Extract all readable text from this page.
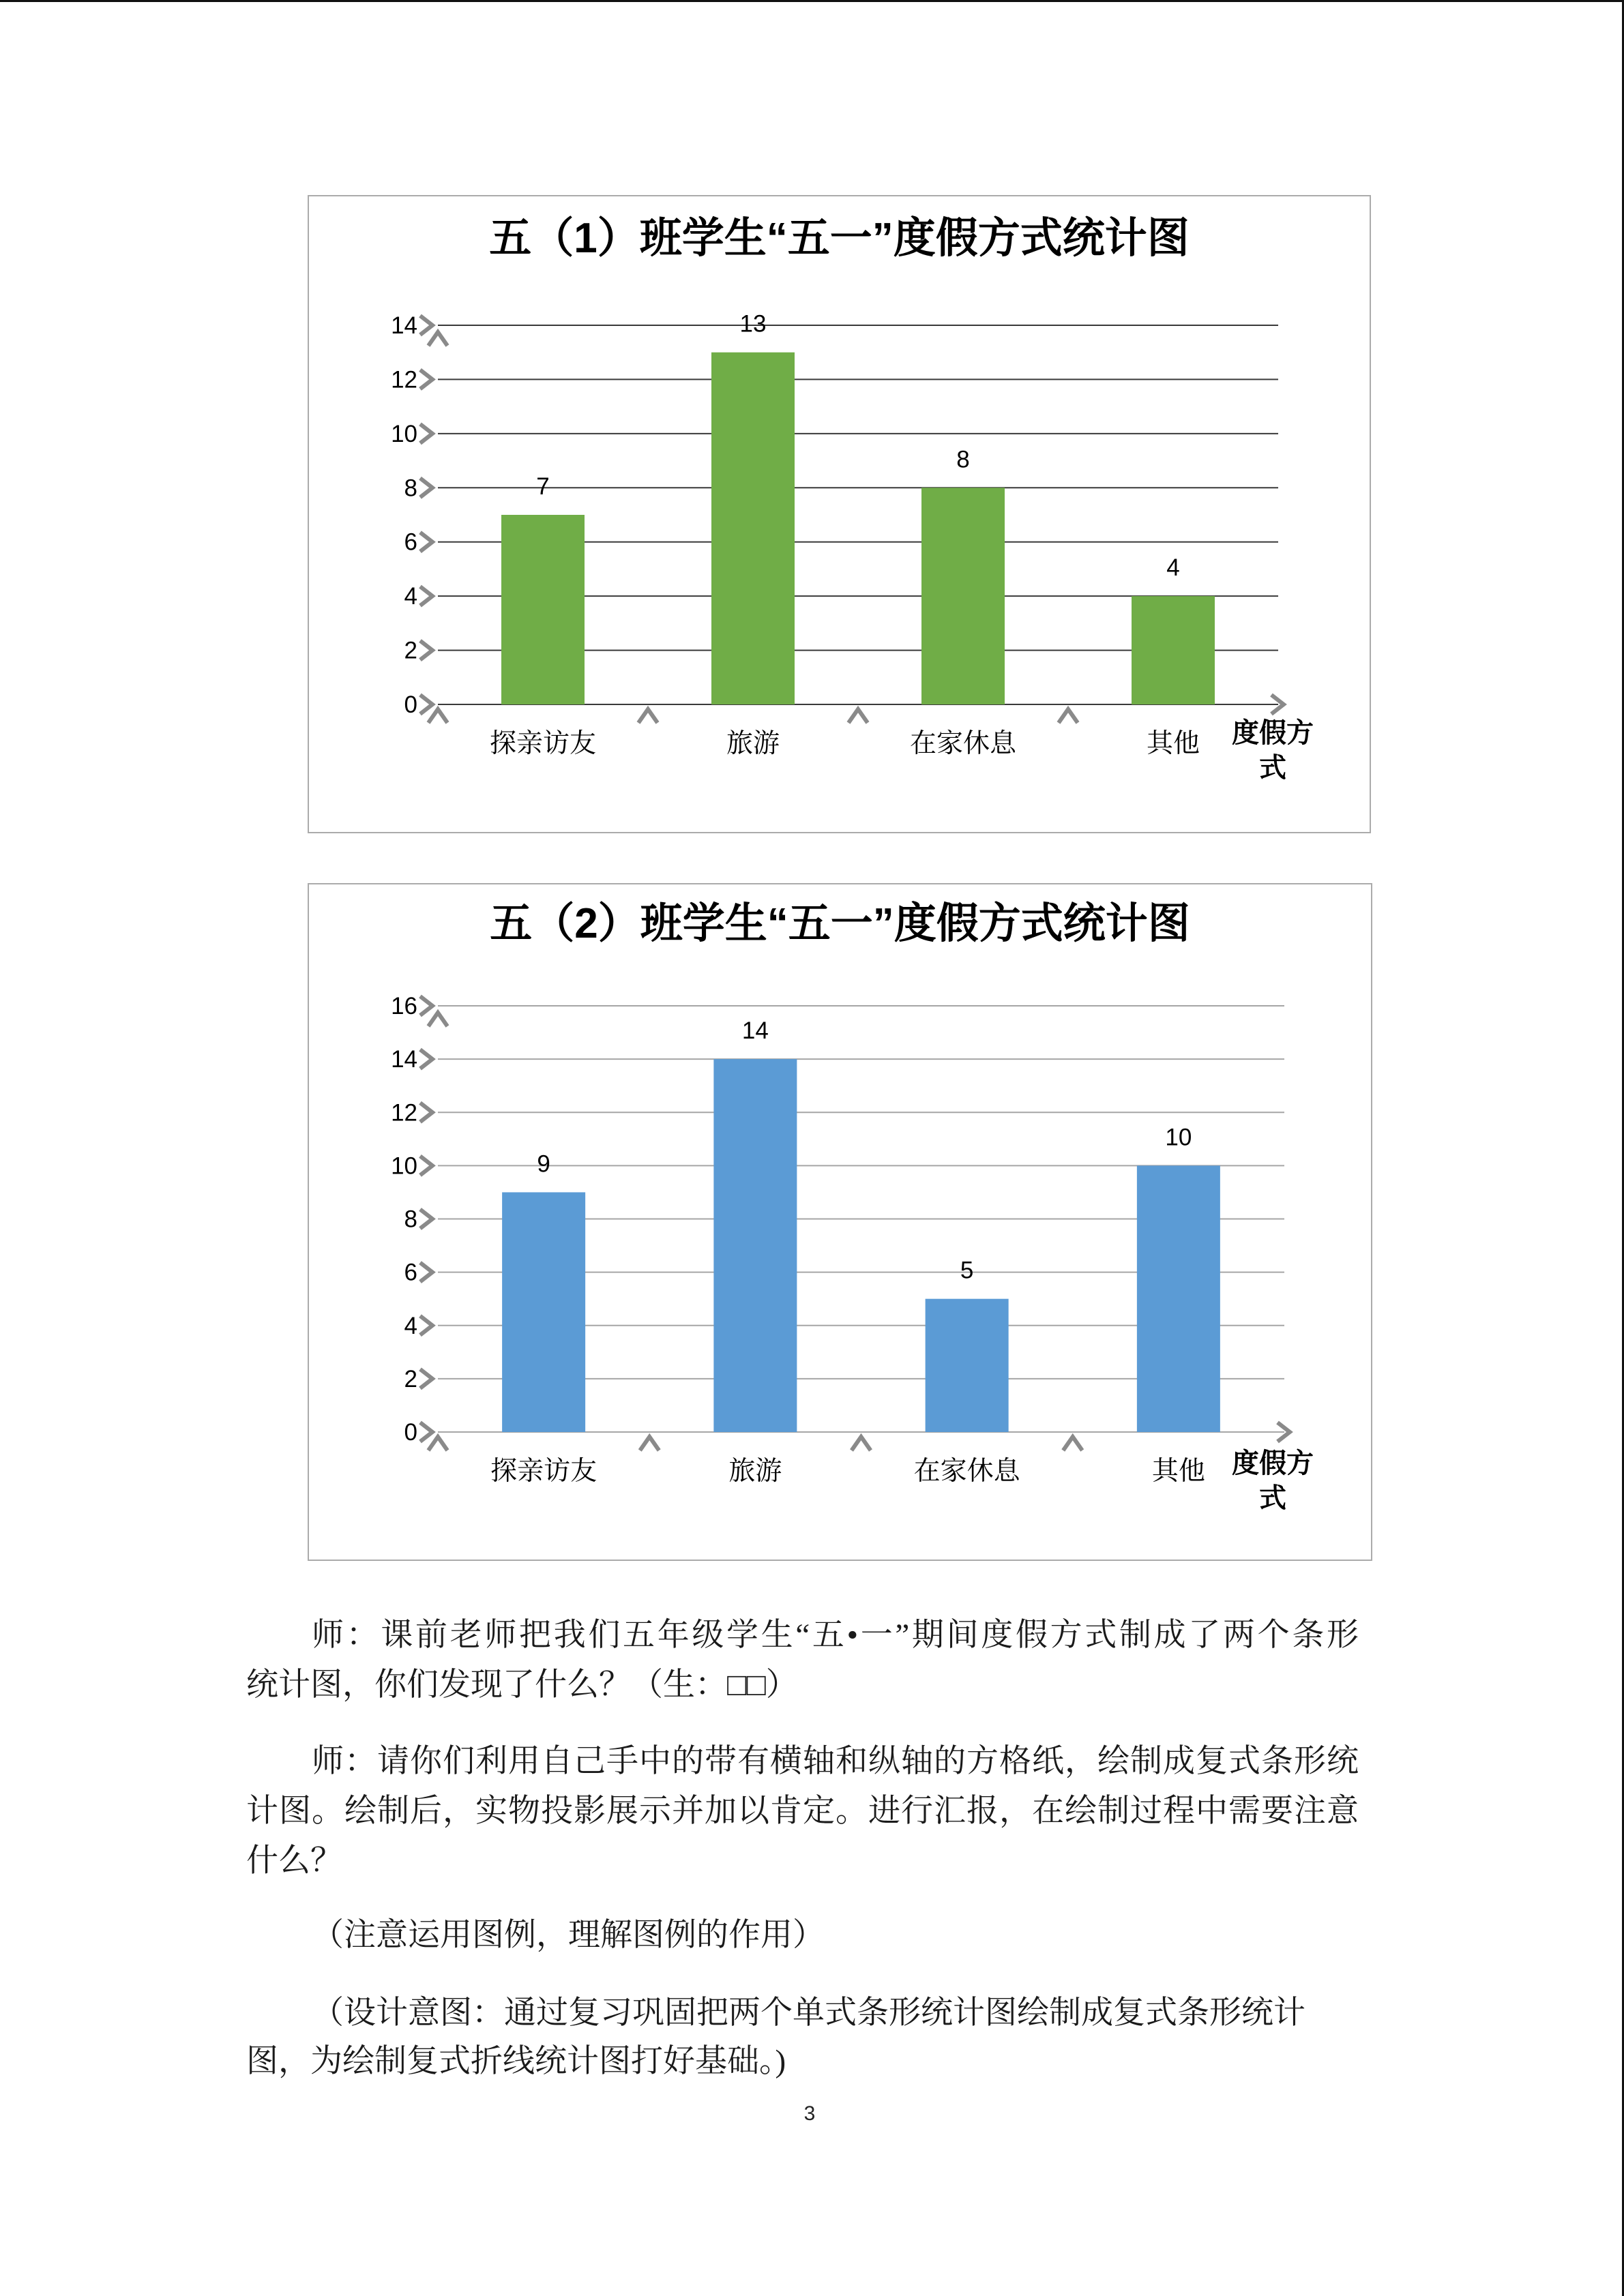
五（1）班学生“五一”度假方式统计图
0
2
4
6
8
10
12
14
7
探亲访友
13
旅游
8
在家休息
4
其他 度假方式
五（2）班学生“五一”度假方式统计图
0
2
4
6
8
10
12
14
16
9
探亲访友
14
旅游
5
在家休息
10
其他 度假方式
师：课前老师把我们五年级学生“五•一”期间度假方式制成了两个条形
统计图，你们发现了什么？（生：□□）
师：请你们利用自己手中的带有横轴和纵轴的方格纸，绘制成复式条形统
计图。绘制后，实物投影展示并加以肯定。进行汇报，在绘制过程中需要注意
什么？
（注意运用图例，理解图例的作用）
（设计意图：通过复习巩固把两个单式条形统计图绘制成复式条形统计
图，为绘制复式折线统计图打好基础。)
3
